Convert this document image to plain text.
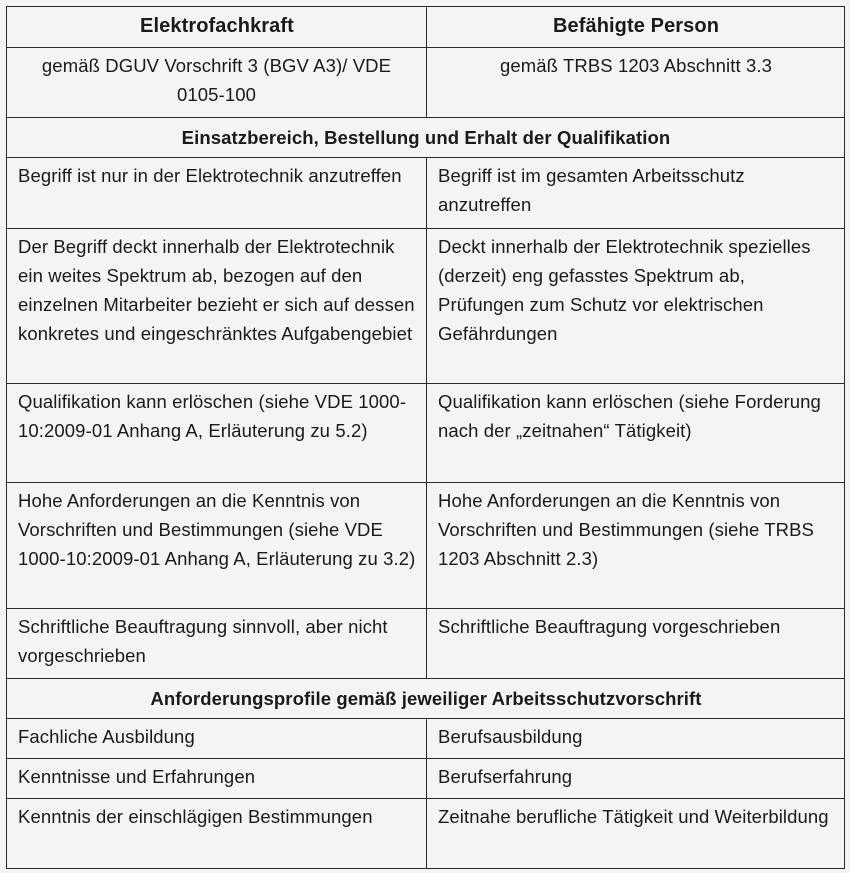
Elektrofachkraft	Befähigte Person
gemäß DGUV Vorschrift 3 (BGV A3)/ VDE 0105-100	gemäß TRBS 1203 Abschnitt 3.3
Einsatzbereich, Bestellung und Erhalt der Qualifikation	
Begriff ist nur in der Elektrotechnik anzutreffen	Begriff ist im gesamten Arbeitsschutz anzutreffen
Der Begriff deckt innerhalb der Elektrotechnik ein weites Spektrum ab, bezogen auf den einzelnen Mitarbeiter bezieht er sich auf dessen konkretes und eingeschränktes Aufgabengebiet	Deckt innerhalb der Elektrotechnik spezielles (derzeit) eng gefasstes Spektrum ab, Prüfungen zum Schutz vor elektrischen Gefährdungen
Qualifikation kann erlöschen (siehe VDE 1000-10:2009-01 Anhang A, Erläuterung zu 5.2)	Qualifikation kann erlöschen (siehe Forderung nach der „zeitnahen“ Tätigkeit)
Hohe Anforderungen an die Kenntnis von Vorschriften und Bestimmungen (siehe VDE 1000-10:2009-01 Anhang A, Erläuterung zu 3.2)	Hohe Anforderungen an die Kenntnis von Vorschriften und Bestimmungen (siehe TRBS 1203 Abschnitt 2.3)
Schriftliche Beauftragung sinnvoll, aber nicht vorgeschrieben	Schriftliche Beauftragung vorgeschrieben
Anforderungsprofile gemäß jeweiliger Arbeitsschutzvorschrift	
Fachliche Ausbildung	Berufsausbildung
Kenntnisse und Erfahrungen	Berufserfahrung
Kenntnis der einschlägigen Bestimmungen	Zeitnahe berufliche Tätigkeit und Weiterbildung
